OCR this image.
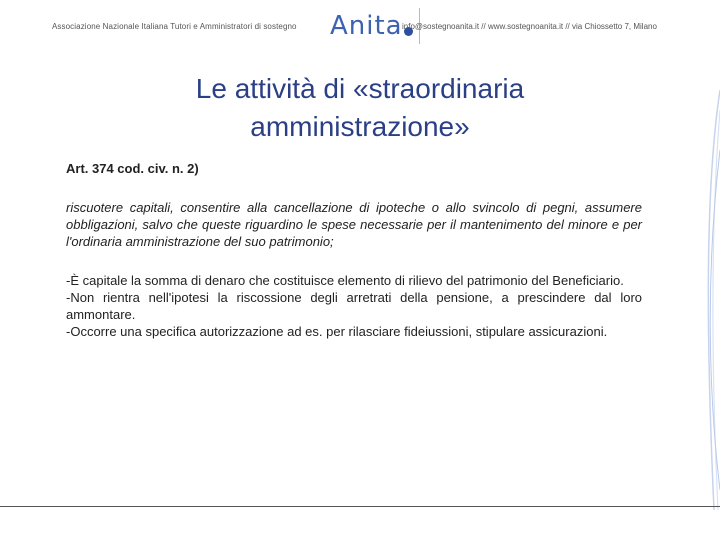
Associazione Nazionale Italiana Tutori e Amministratori di sostegno Anita info@sostegnoanita.it // www.sostegnoanita.it // via Chiossetto 7, Milano
Le attività di «straordinaria
amministrazione»
Art. 374 cod. civ. n. 2)
riscuotere capitali, consentire alla cancellazione di ipoteche o allo svincolo di pegni, assumere obbligazioni, salvo che queste riguardino le spese necessarie per il mantenimento del minore e per l'ordinaria amministrazione del suo patrimonio;
-È capitale la somma di denaro che costituisce elemento di rilievo del patrimonio del Beneficiario.
-Non rientra nell'ipotesi la riscossione degli arretrati della pensione, a prescindere dal loro ammontare.
-Occorre una specifica autorizzazione ad es. per rilasciare fideiussioni, stipulare assicurazioni.
